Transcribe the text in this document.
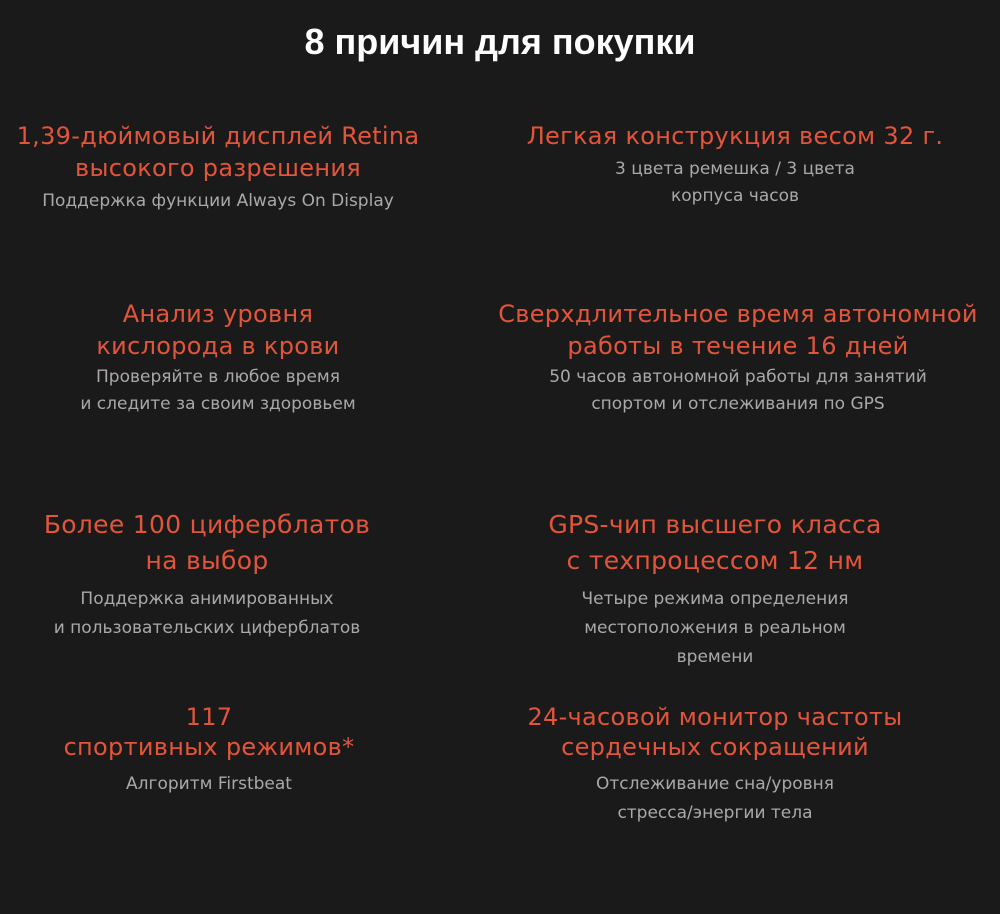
8 причин для покупки
1,39-дюймовый дисплей Retina
высокого разрешения
Поддержка функции Always On Display
Легкая конструкция весом 32 г.
3 цвета ремешка / 3 цвета
корпуса часов
Анализ уровня
кислорода в крови
Проверяйте в любое время
и следите за своим здоровьем
Сверхдлительное время автономной
работы в течение 16 дней
50 часов автономной работы для занятий
спортом и отслеживания по GPS
Более 100 циферблатов
на выбор
Поддержка анимированных
и пользовательских циферблатов
GPS-чип высшего класса
с техпроцессом 12 нм
Четыре режима определения
местоположения в реальном
времени
117
спортивных режимов*
Алгоритм Firstbeat
24-часовой монитор частоты
сердечных сокращений
Отслеживание сна/уровня
стресса/энергии тела
